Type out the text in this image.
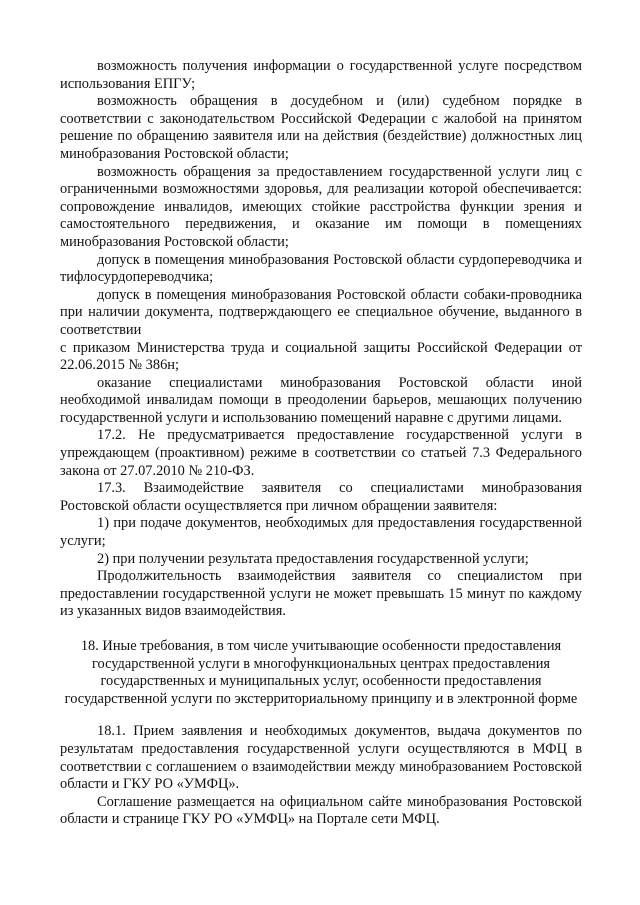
возможность получения информации о государственной услуге посредством использования ЕПГУ;

возможность обращения в досудебном и (или) судебном порядке в соответствии с законодательством Российской Федерации с жалобой на принятом решение по обращению заявителя или на действия (бездействие) должностных лиц минобразования Ростовской области;

возможность обращения за предоставлением государственной услуги лиц с ограниченными возможностями здоровья, для реализации которой обеспечивается: сопровождение инвалидов, имеющих стойкие расстройства функции зрения и самостоятельного передвижения, и оказание им помощи в помещениях минобразования Ростовской области;

допуск в помещения минобразования Ростовской области сурдопереводчика и тифлосурдопереводчика;

допуск в помещения минобразования Ростовской области собаки-проводника при наличии документа, подтверждающего ее специальное обучение, выданного в соответствии

с приказом Министерства труда и социальной защиты Российской Федерации от 22.06.2015 № 386н;

оказание специалистами минобразования Ростовской области иной необходимой инвалидам помощи в преодолении барьеров, мешающих получению государственной услуги и использованию помещений наравне с другими лицами.

17.2. Не предусматривается предоставление государственной услуги в упреждающем (проактивном) режиме в соответствии со статьей 7.3 Федерального закона от 27.07.2010 № 210-ФЗ.

17.3. Взаимодействие заявителя со специалистами минобразования Ростовской области осуществляется при личном обращении заявителя:

1) при подаче документов, необходимых для предоставления государственной услуги;

2) при получении результата предоставления государственной услуги;

Продолжительность взаимодействия заявителя со специалистом при предоставлении государственной услуги не может превышать 15 минут по каждому из указанных видов взаимодействия.

18. Иные требования, в том числе учитывающие особенности предоставления

государственной услуги в многофункциональных центрах предоставления

государственных и муниципальных услуг, особенности предоставления

государственной услуги по экстерриториальному принципу и в электронной форме

18.1. Прием заявления и необходимых документов, выдача документов по результатам предоставления государственной услуги осуществляются в МФЦ в соответствии с соглашением о взаимодействии между минобразованием Ростовской области и ГКУ РО «УМФЦ».

Соглашение размещается на официальном сайте минобразования Ростовской области и странице ГКУ РО «УМФЦ» на Портале сети МФЦ.
